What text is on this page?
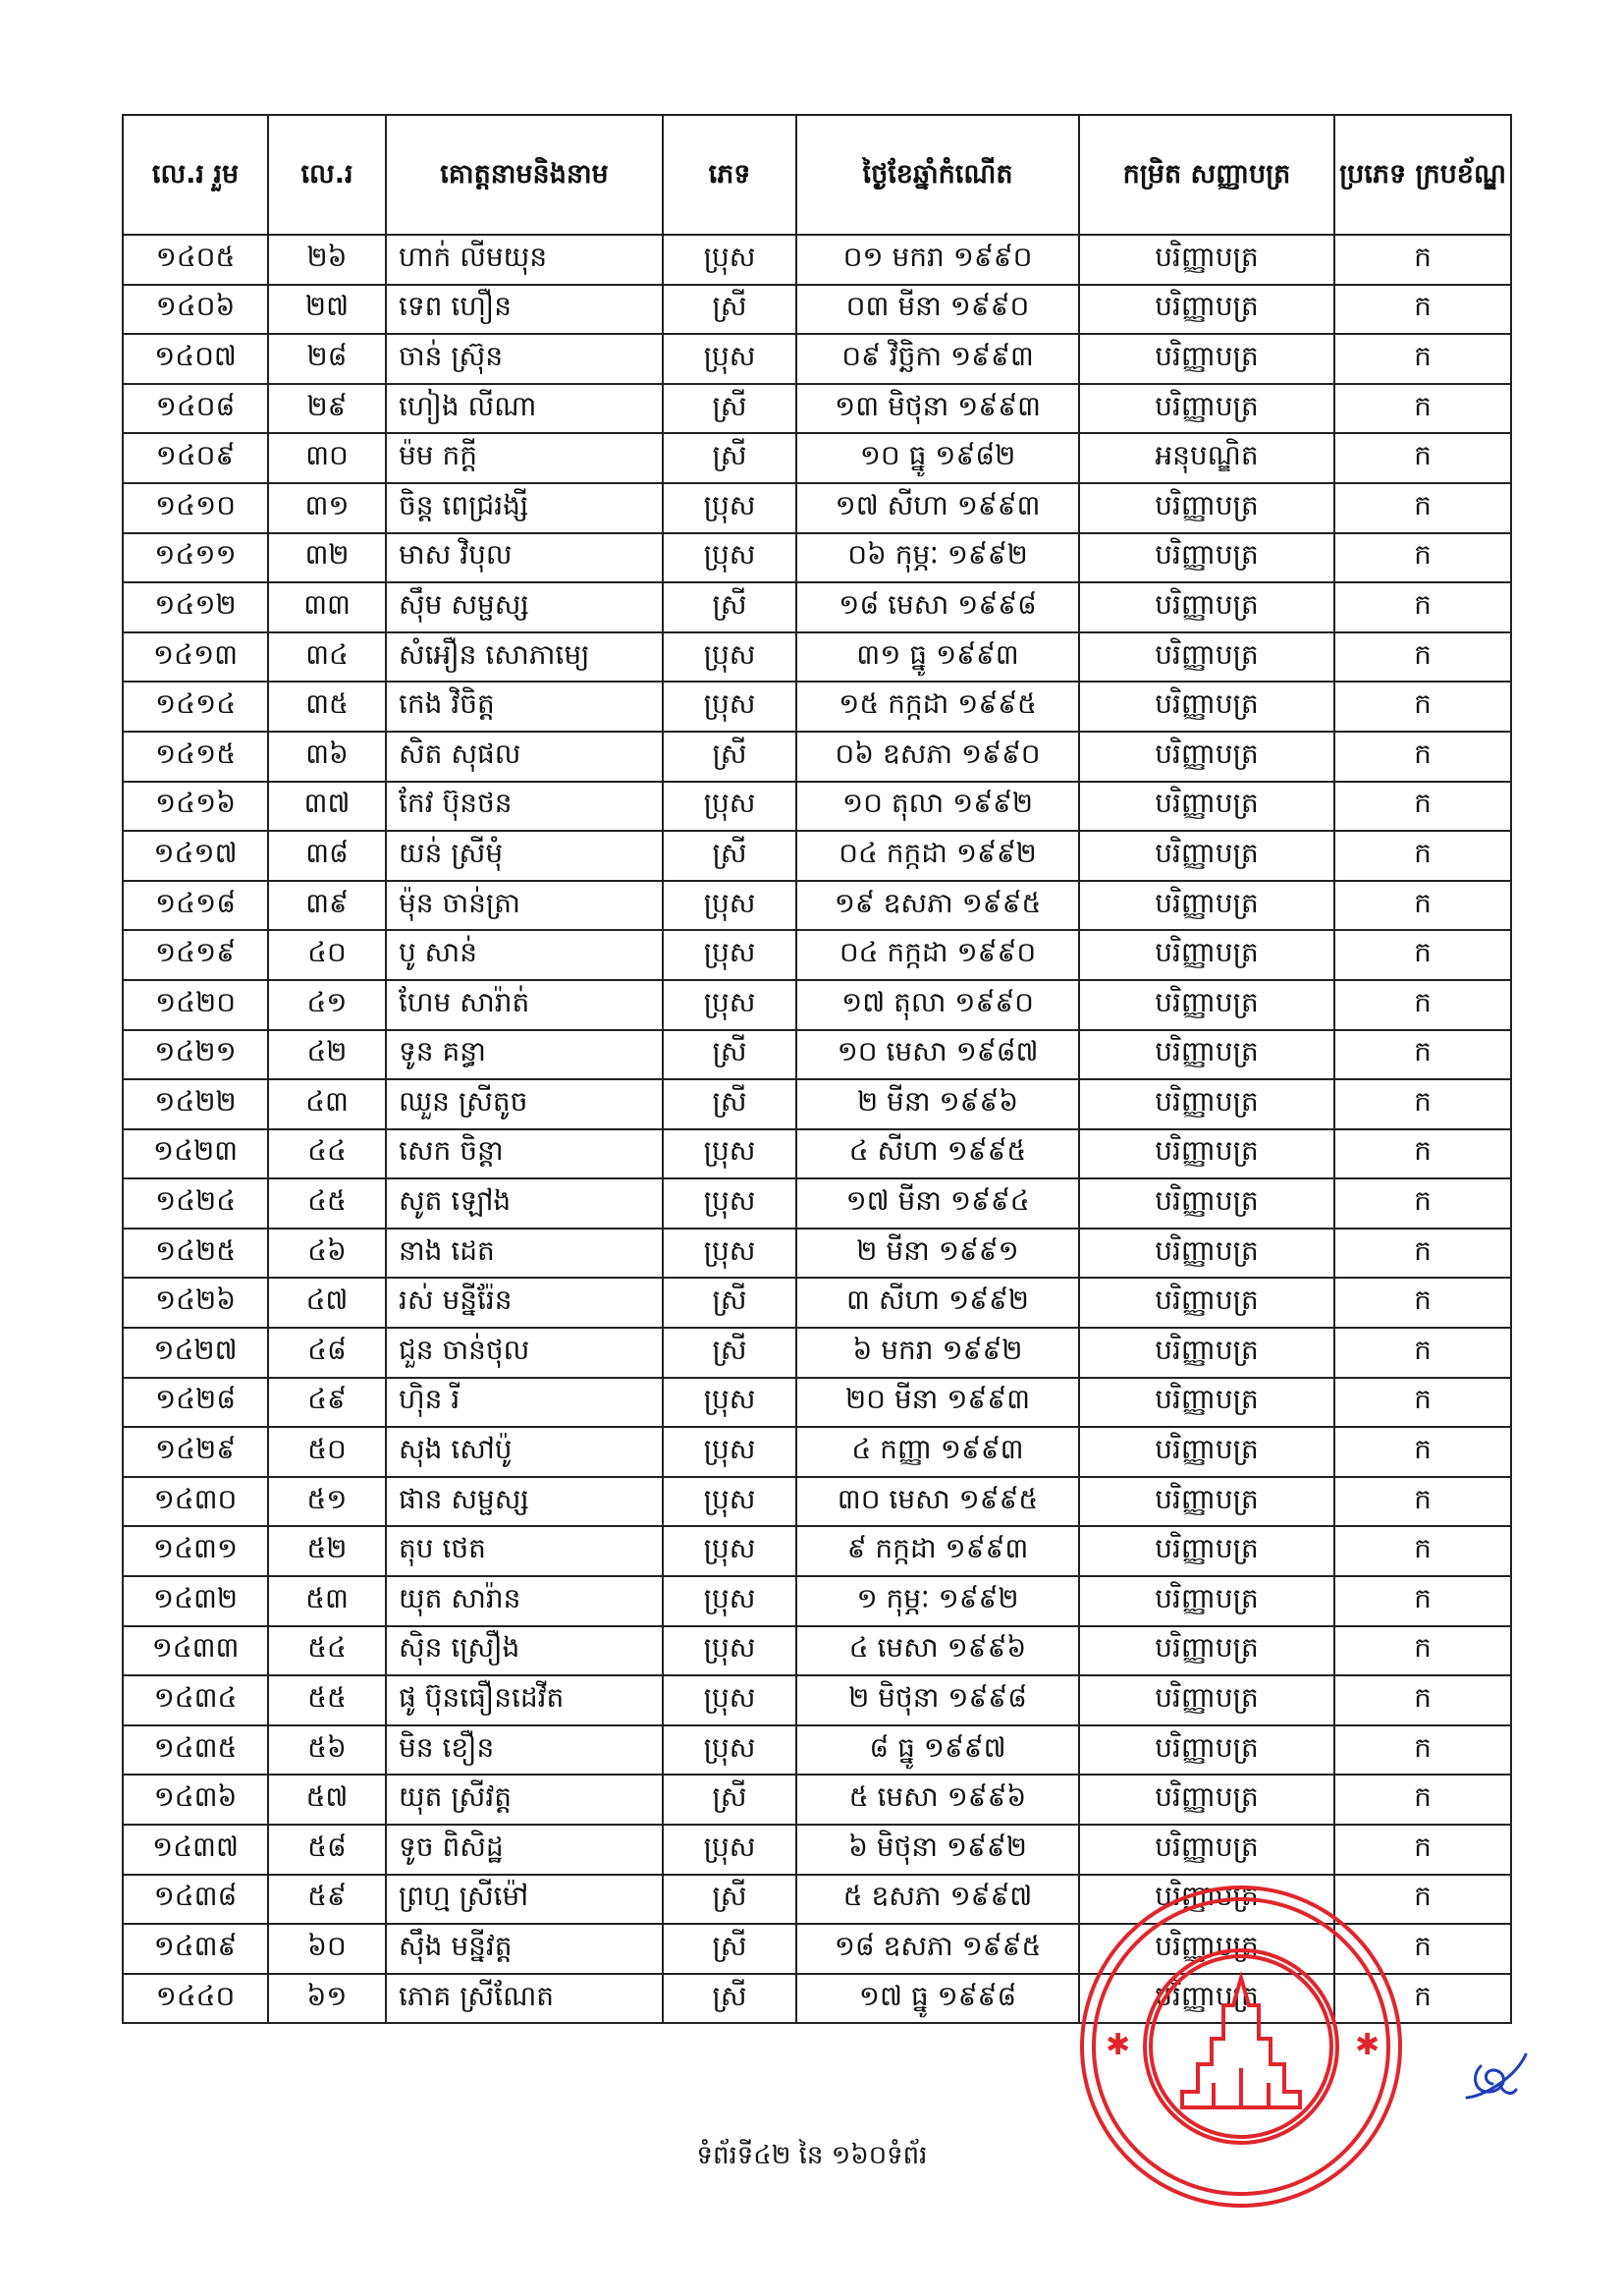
លេ.រ រួម	លេ.រ	គោត្តនាមនិងនាម	ភេទ	ថ្ងៃខែឆ្នាំកំណើត	កម្រិត សញ្ញាបត្រ	ប្រភេទ ក្របខ័ណ្ឌ
១៤០៥	២៦	ហាក់ លីមយុន	ប្រុស	០១ មករា ១៩៩០	បរិញ្ញាបត្រ	ក
១៤០៦	២៧	ទេព ហឿន	ស្រី	០៣ មីនា ១៩៩០	បរិញ្ញាបត្រ	ក
១៤០៧	២៨	ចាន់ ស្រ៊ុន	ប្រុស	០៩ វិច្ឆិកា ១៩៩៣	បរិញ្ញាបត្រ	ក
១៤០៨	២៩	ហៀង លីណា	ស្រី	១៣ មិថុនា ១៩៩៣	បរិញ្ញាបត្រ	ក
១៤០៩	៣០	ម៉ម កក្តី	ស្រី	១០ ធ្នូ ១៩៨២	អនុបណ្ឌិត	ក
១៤១០	៣១	ចិន្ត ពេជ្ររង្សី	ប្រុស	១៧ សីហា ១៩៩៣	បរិញ្ញាបត្រ	ក
១៤១១	៣២	មាស វិបុល	ប្រុស	០៦ កុម្ភៈ ១៩៩២	បរិញ្ញាបត្រ	ក
១៤១២	៣៣	ស៊ឹម សម្ផស្ស	ស្រី	១៨ មេសា ១៩៩៨	បរិញ្ញាបត្រ	ក
១៤១៣	៣៤	សំអឿន សោភាម្យេ	ប្រុស	៣១ ធ្នូ ១៩៩៣	បរិញ្ញាបត្រ	ក
១៤១៤	៣៥	កេង វិចិត្ត	ប្រុស	១៥ កក្កដា ១៩៩៥	បរិញ្ញាបត្រ	ក
១៤១៥	៣៦	សិត សុផល	ស្រី	០៦ ឧសភា ១៩៩០	បរិញ្ញាបត្រ	ក
១៤១៦	៣៧	កែវ ប៊ុនថន	ប្រុស	១០ តុលា ១៩៩២	បរិញ្ញាបត្រ	ក
១៤១៧	៣៨	យន់ ស្រីមុំ	ស្រី	០៤ កក្កដា ១៩៩២	បរិញ្ញាបត្រ	ក
១៤១៨	៣៩	ម៉ុន ចាន់ត្រា	ប្រុស	១៩ ឧសភា ១៩៩៥	បរិញ្ញាបត្រ	ក
១៤១៩	៤០	បូ សាន់	ប្រុស	០៤ កក្កដា ១៩៩០	បរិញ្ញាបត្រ	ក
១៤២០	៤១	ហែម សារ៉ាត់	ប្រុស	១៧ តុលា ១៩៩០	បរិញ្ញាបត្រ	ក
១៤២១	៤២	ទូន គន្ធា	ស្រី	១០ មេសា ១៩៨៧	បរិញ្ញាបត្រ	ក
១៤២២	៤៣	ឈួន ស្រីតូច	ស្រី	២ មីនា ១៩៩៦	បរិញ្ញាបត្រ	ក
១៤២៣	៤៤	សេក ចិន្តា	ប្រុស	៤ សីហា ១៩៩៥	បរិញ្ញាបត្រ	ក
១៤២៤	៤៥	សូត ឡៅង	ប្រុស	១៧ មីនា ១៩៩៤	បរិញ្ញាបត្រ	ក
១៤២៥	៤៦	នាង ដេត	ប្រុស	២ មីនា ១៩៩១	បរិញ្ញាបត្រ	ក
១៤២៦	៤៧	រស់ មន្នីរ៉ែន	ស្រី	៣ សីហា ១៩៩២	បរិញ្ញាបត្រ	ក
១៤២៧	៤៨	ជួន ចាន់ថុល	ស្រី	៦ មករា ១៩៩២	បរិញ្ញាបត្រ	ក
១៤២៨	៤៩	ហ៊ិន រី	ប្រុស	២០ មីនា ១៩៩៣	បរិញ្ញាបត្រ	ក
១៤២៩	៥០	សុង សៅប៉ូ	ប្រុស	៤ កញ្ញា ១៩៩៣	បរិញ្ញាបត្រ	ក
១៤៣០	៥១	ផាន សម្ផស្ស	ប្រុស	៣០ មេសា ១៩៩៥	បរិញ្ញាបត្រ	ក
១៤៣១	៥២	តុប ថេត	ប្រុស	៩ កក្កដា ១៩៩៣	បរិញ្ញាបត្រ	ក
១៤៣២	៥៣	យុត សារ៉ាន	ប្រុស	១ កុម្ភៈ ១៩៩២	បរិញ្ញាបត្រ	ក
១៤៣៣	៥៤	ស៊ិន ស្រឿង	ប្រុស	៤ មេសា ១៩៩៦	បរិញ្ញាបត្រ	ក
១៤៣៤	៥៥	ផូ ប៊ុនធឿនដេវីត	ប្រុស	២ មិថុនា ១៩៩៨	បរិញ្ញាបត្រ	ក
១៤៣៥	៥៦	មិន ខឿន	ប្រុស	៨ ធ្នូ ១៩៩៧	បរិញ្ញាបត្រ	ក
១៤៣៦	៥៧	យុត ស្រីវត្ត	ស្រី	៥ មេសា ១៩៩៦	បរិញ្ញាបត្រ	ក
១៤៣៧	៥៨	ទូច ពិសិដ្ឋ	ប្រុស	៦ មិថុនា ១៩៩២	បរិញ្ញាបត្រ	ក
១៤៣៨	៥៩	ព្រហ្ម ស្រីម៉ៅ	ស្រី	៥ ឧសភា ១៩៩៧	បរិញ្ញាបត្រ	ក
១៤៣៩	៦០	ស៊ឹង មន្នីវត្ត	ស្រី	១៨ ឧសភា ១៩៩៥	បរិញ្ញាបត្រ	ក
១៤៤០	៦១	ភោគ ស្រីណែត	ស្រី	១៧ ធ្នូ ១៩៩៨	បរិញ្ញាបត្រ	ក
ទំព័រទី៤២ នៃ ១៦០ទំព័រ
✱	✱
